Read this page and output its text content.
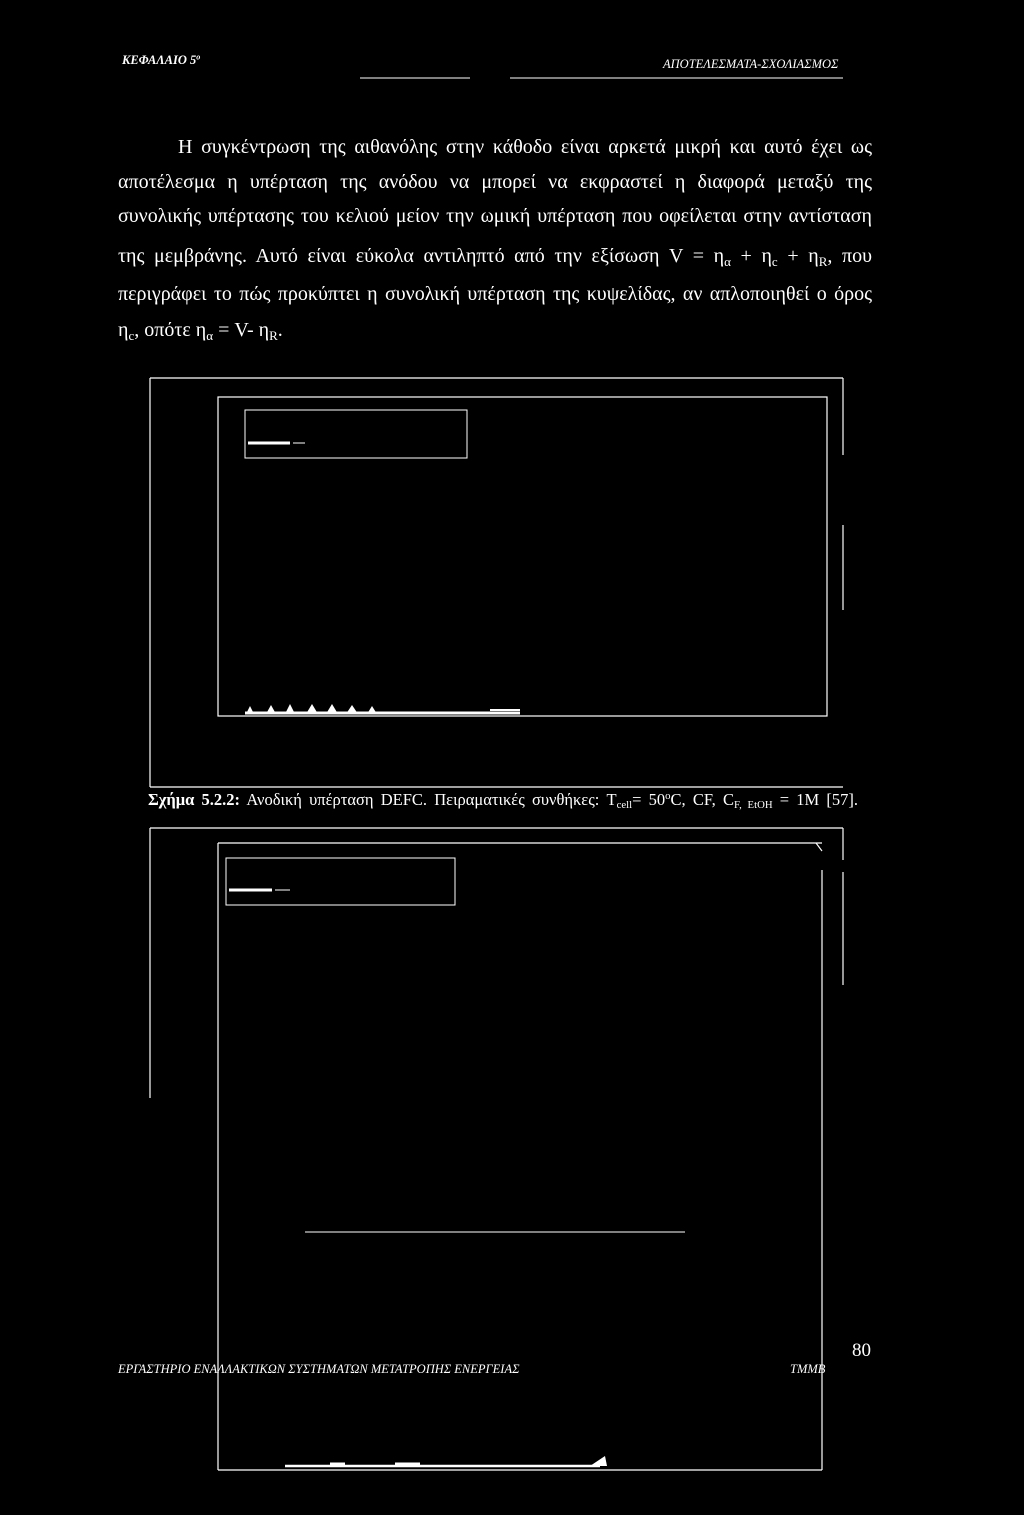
ΚΕΦΑΛΑΙΟ $5^o$	ΑΠΟΤΕΛΕΣΜΑΤΑ-ΣΧΟΛΙΑΣΜΟΣ
Η συγκέντρωση της αιθανόλης στην κάθοδο είναι αρκετά μικρή και αυτό έχει ως
αποτέλεσμα η υπέρταση της ανόδου να μπορεί να εκφραστεί η διαφορά μεταξύ της
συνολικής υπέρτασης του κελιού μείον την ωμική υπέρταση που οφείλεται στην αντίσταση
της μεμβράνης. Αυτό είναι εύκολα αντιληπτό από την εξίσωση $V = \eta_\alpha + \eta_c + \eta_R$, που
περιγράφει το πώς προκύπτει η συνολική υπέρταση της κυψελίδας, αν απλοποιηθεί ο όρος
$\eta_c$, οπότε $\eta_\alpha = V-$ $\eta_R$.
Σχήμα 5.2.2: Ανοδική υπέρταση DEFC. Πειραματικές συνθήκες: $T_{cell}= 50^oC$, CF, $C_{F, EtOH} = 1M$ [57].
ΕΡΓΑΣΤΗΡΙΟ ΕΝΑΛΛΑΚΤΙΚΩΝ ΣΥΣΤΗΜΑΤΩΝ ΜΕΤΑΤΡΟΠΗΣ ΕΝΕΡΓΕΙΑΣ	ΤΜΜΒ
80
